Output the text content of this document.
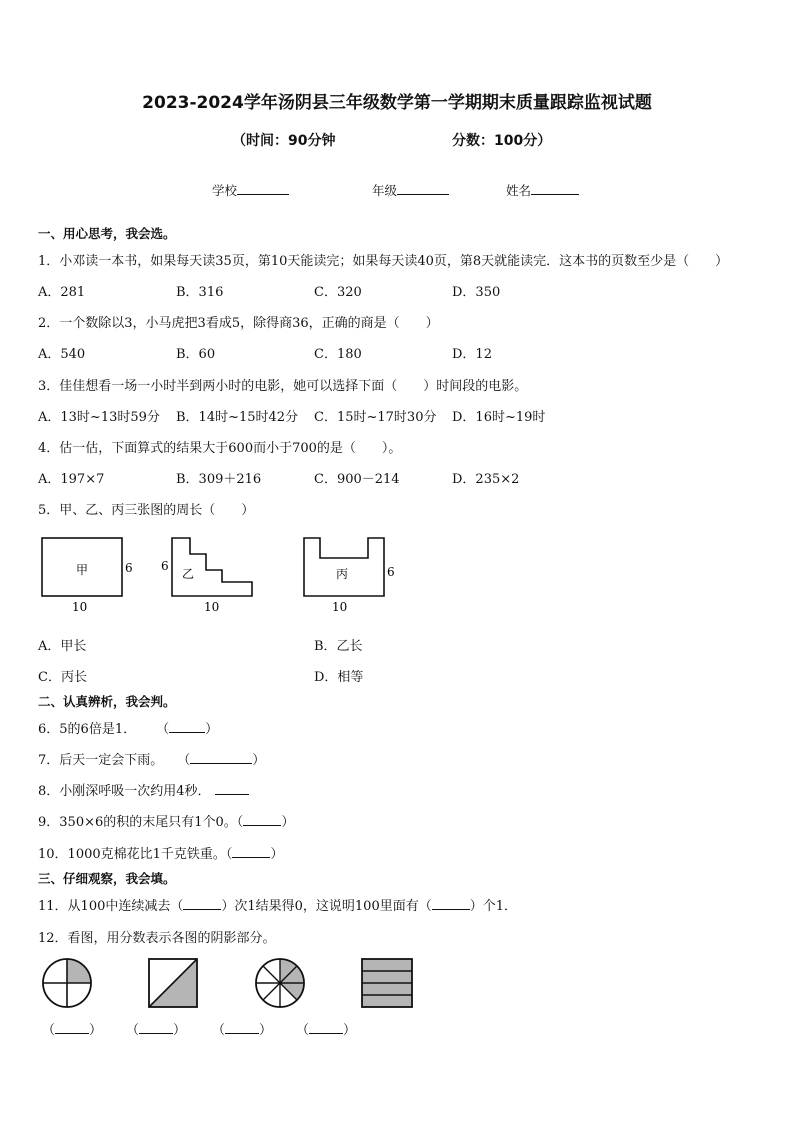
2023-2024学年汤阴县三年级数学第一学期期末质量跟踪监视试题
（时间：90分钟	分数：100分）
学校	年级	姓名
一、用心思考，我会选。
1．小邓读一本书，如果每天读35页，第10天能读完；如果每天读40页，第8天就能读完．这本书的页数至少是（　　）
A．281	B．316	C．320	D．350
2．一个数除以3，小马虎把3看成5，除得商36，正确的商是（　　）
A．540	B．60	C．180	D．12
3．佳佳想看一场一小时半到两小时的电影，她可以选择下面（　　）时间段的电影。
A．13时~13时59分 B．14时~15时42分 C．15时~17时30分 D．16时~19时
4．估一估，下面算式的结果大于600而小于700的是（　　）。
A．197×7	B．309＋216	C．900－214	D．235×2
5．甲、乙、丙三张图的周长（　　）
甲	6
10
乙
6
10
丙	6
10
A．甲长	B．乙长
C．丙长	D．相等
二、认真辨析，我会判。
6．5的6倍是1． （	）
7．后天一定会下雨。 （	）
8．小刚深呼吸一次约用4秒．
9．350×6的积的末尾只有1个0。（	）
10．1000克棉花比1千克铁重。（	）
三、仔细观察，我会填。
11．从100中连续减去（	）次1结果得0，这说明100里面有（	）个1．
12．看图，用分数表示各图的阴影部分。
（	） （	） （	） （	）
